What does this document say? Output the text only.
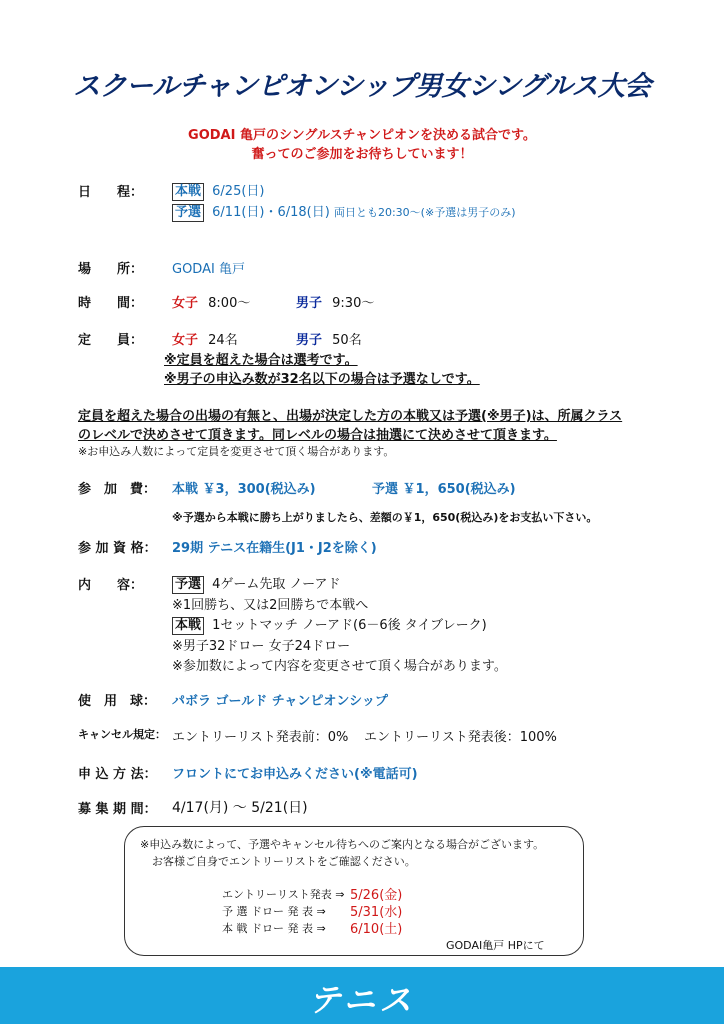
スクールチャンピオンシップ男女シングルス大会
GODAI 亀戸のシングルスチャンピオンを決める試合です。
奮ってのご参加をお待ちしています！
日　　程： 本戦 6/25(日)
予選 6/11(日)・6/18(日) 両日とも20:30～(※予選は男子のみ)
場　　所： GODAI 亀戸
時　　間： 女子 8:00～	男子 9:30～
定　　員： 女子 24名	男子 50名
※定員を超えた場合は選考です。
※男子の申込み数が32名以下の場合は予選なしです。
定員を超えた場合の出場の有無と、出場が決定した方の本戦又は予選(※男子)は、所属クラス
のレベルで決めさせて頂きます。同レベルの場合は抽選にて決めさせて頂きます。
※お申込み人数によって定員を変更させて頂く場合があります。
参　加　費： 本戦 ￥3，300(税込み)	予選 ￥1，650(税込み)
※予選から本戦に勝ち上がりましたら、差額の￥1，650(税込み)をお支払い下さい。
参 加 資 格： 29期 テニス在籍生(J1・J2を除く)
内　　容： 予選 4ゲーム先取 ノーアド
※1回勝ち、又は2回勝ちで本戦へ
本戦 1セットマッチ ノーアド(6－6後 タイブレーク)
※男子32ドロー 女子24ドロー
※参加数によって内容を変更させて頂く場合があります。
使　用　球： パボラ ゴールド チャンピオンシップ
キャンセル規定： エントリーリスト発表前：0% エントリーリスト発表後：100%
申 込 方 法： フロントにてお申込みください(※電話可)
募 集 期 間： 4/17(月) ～ 5/21(日)
※申込み数によって、予選やキャンセル待ちへのご案内となる場合がございます。
お客様ご自身でエントリーリストをご確認ください。
エントリーリスト発表 ⇒ 5/26(金)
予 選 ドロー 発 表 ⇒ 5/31(水)
本 戦 ドロー 発 表 ⇒ 6/10(土)
GODAI亀戸 HPにて
テニス
